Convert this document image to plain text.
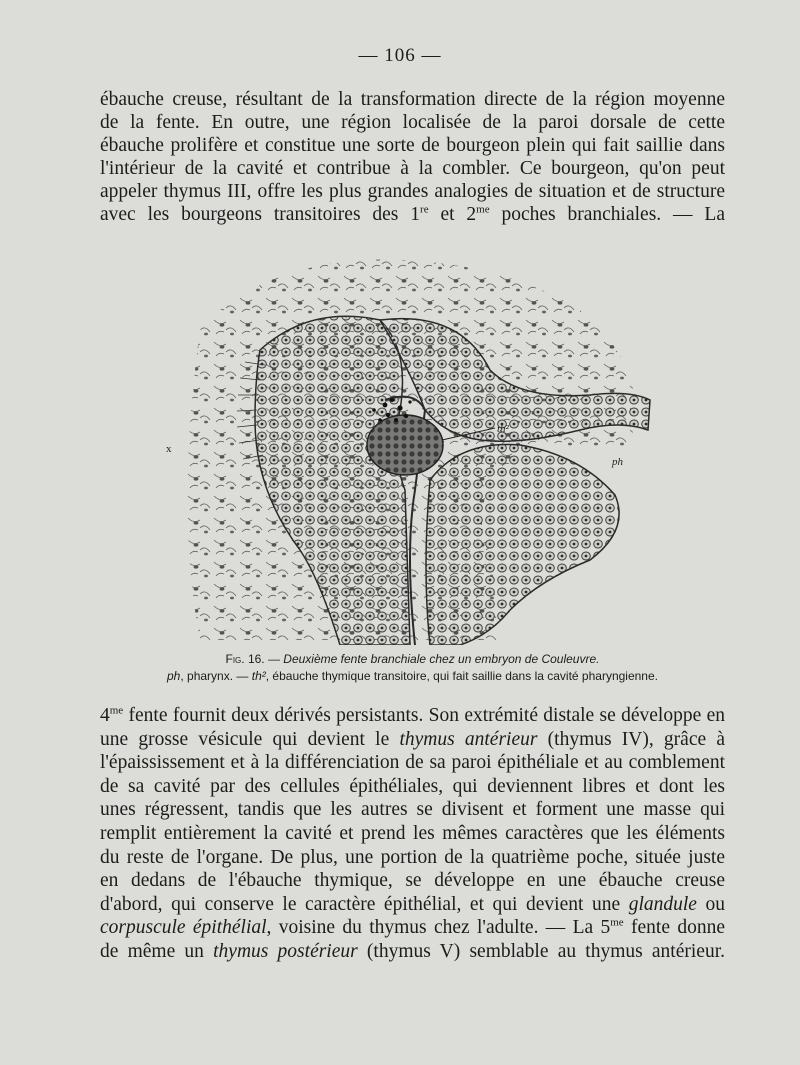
— 106 —

ébauche creuse, résultant de la transformation directe de la région moyenne
de la fente. En outre, une région localisée de la paroi dorsale de cette
ébauche prolifère et constitue une sorte de bourgeon plein qui fait saillie dans
l'intérieur de la cavité et contribue à la combler. Ce bourgeon, qu'on peut
appeler thymus III, offre les plus grandes analogies de situation et de structure
avec les bourgeons transitoires des 1re et $2^{me}$ poches branchiales. — La

x
th²
ph
Fig. 16. — Deuxième fente branchiale chez un embryon de Couleuvre.
ph, pharynx. — th², ébauche thymique transitoire, qui fait saillie dans la cavité pharyngienne.

$4^{me}$ fente fournit deux dérivés persistants. Son extrémité distale se développe en
une grosse vésicule qui devient le thymus antérieur (thymus IV), grâce à
l'épaississement et à la différenciation de sa paroi épithéliale et au comblement
de sa cavité par des cellules épithéliales, qui deviennent libres et dont les
unes régressent, tandis que les autres se divisent et forment une masse qui
remplit entièrement la cavité et prend les mêmes caractères que les éléments
du reste de l'organe. De plus, une portion de la quatrième poche, située juste
en dedans de l'ébauche thymique, se développe en une ébauche creuse
d'abord, qui conserve le caractère épithélial, et qui devient une glandule ou
corpuscule épithélial, voisine du thymus chez l'adulte. — La $5^{me}$ fente donne
de même un thymus postérieur (thymus V) semblable au thymus antérieur.
